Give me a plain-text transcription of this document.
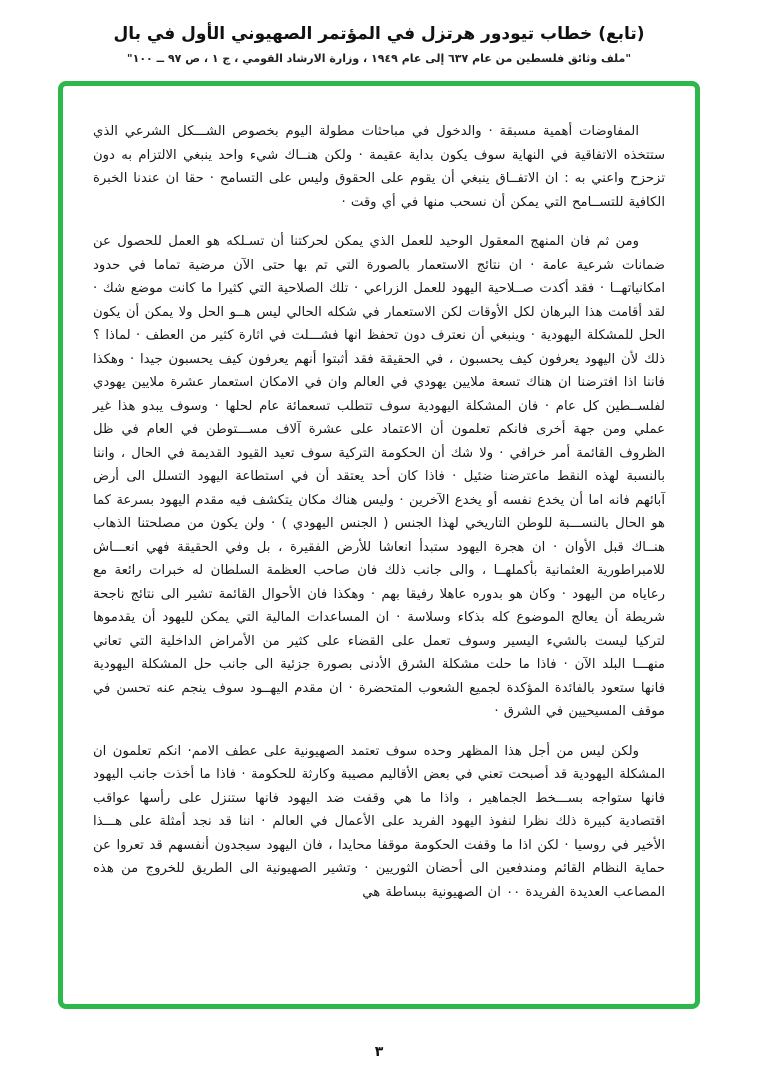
(تابع) خطاب تيودور هرتزل في المؤتمر الصهيوني الأول في بال
"ملف وثائق فلسطين من عام ٦٣٧ إلى عام ١٩٤٩ ، وزارة الارشاد القومي ، ج ١ ، ص ٩٧ ــ ١٠٠"

المفاوضات أهمية مسبقة · والدخول في مباحثات مطولة اليوم بخصوص الشـــكل الشرعي الذي ستتخذه الاتفاقية في النهاية سوف يكون بداية عقيمة · ولكن هنــاك شيء واحد ينبغي الالتزام به دون تزحزح واعني به : ان الاتفــاق ينبغي أن يقوم على الحقوق وليس على التسامح · حقا ان عندنا الخبرة الكافية للتســامح التي يمكن أن نسحب منها في أي وقت ·

ومن ثم فان المنهج المعقول الوحيد للعمل الذي يمكن لحركتنا أن تسـلكه هو العمل للحصول عن ضمانات شرعية عامة · ان نتائج الاستعمار بالصورة التي تم بها حتى الآن مرضية تماما في حدود امكانياتهــا · فقد أكدت صــلاحية اليهود للعمل الزراعي · تلك الصلاحية التي كثيرا ما كانت موضع شك · لقد أقامت هذا البرهان لكل الأوقات لكن الاستعمار في شكله الحالي ليس هــو الحل ولا يمكن أن يكون الحل للمشكلة اليهودية · وينبغي أن نعترف دون تحفظ انها فشـــلت في اثارة كثير من العطف · لماذا ؟ ذلك لأن اليهود يعرفون كيف يحسبون ، في الحقيقة فقد أثبتوا أنهم يعرفون كيف يحسبون جيدا · وهكذا فاننا اذا افترضنا ان هناك تسعة ملايين يهودي في العالم وان في الامكان استعمار عشرة ملايين يهودي لفلســطين كل عام · فان المشكلة اليهودية سوف تتطلب تسعمائة عام لحلها · وسوف يبدو هذا غير عملي ومن جهة أخرى فانكم تعلمون أن الاعتماد على عشرة آلاف مســـتوطن في العام في ظل الظروف القائمة أمر خرافي · ولا شك أن الحكومة التركية سوف تعيد القيود القديمة في الحال ، واننا بالنسبة لهذه النقط ماعترضنا ضئيل · فاذا كان أحد يعتقد أن في استطاعة اليهود التسلل الى أرض آبائهم فانه اما أن يخدع نفسه أو يخدع الآخرين · وليس هناك مكان يتكشف فيه مقدم اليهود بسرعة كما هو الحال بالنســـبة للوطن التاريخي لهذا الجنس ( الجنس اليهودي ) · ولن يكون من مصلحتنا الذهاب هنــاك قبل الأوان · ان هجرة اليهود ستبدأ انعاشا للأرض الفقيرة ، بل وفي الحقيقة فهي انعـــاش للامبراطورية العثمانية بأكملهــا ، والى جانب ذلك فان صاحب العظمة السلطان له خبرات رائعة مع رعاياه من اليهود · وكان هو بدوره عاهلا رفيقا بهم · وهكذا فان الأحوال القائمة تشير الى نتائج ناجحة شريطة أن يعالج الموضوع كله بذكاء وسلاسة · ان المساعدات المالية التي يمكن لليهود أن يقدموها لتركيا ليست بالشيء اليسير وسوف تعمل على القضاء على كثير من الأمراض الداخلية التي تعاني منهـــا البلد الآن · فاذا ما حلت مشكلة الشرق الأدنى بصورة جزئية الى جانب حل المشكلة اليهودية فانها ستعود بالفائدة المؤكدة لجميع الشعوب المتحضرة · ان مقدم اليهــود سوف ينجم عنه تحسن في موقف المسيحيين في الشرق ·

ولكن ليس من أجل هذا المظهر وحده سوف تعتمد الصهيونية على عطف الامم· انكم تعلمون ان المشكلة اليهودية قد أصبحت تعني في بعض الأقاليم مصيبة وكارثة للحكومة · فاذا ما أخذت جانب اليهود فانها ستواجه بســـخط الجماهير ، واذا ما هي وقفت ضد اليهود فانها ستنزل على رأسها عواقب اقتصادية كبيرة ذلك نظرا لنفوذ اليهود الفريد على الأعمال في العالم · اننا قد نجد أمثلة على هـــذا الأخير في روسيا · لكن اذا ما وقفت الحكومة موقفا محايدا ، فان اليهود سيجدون أنفسهم قد تعروا عن حماية النظام القائم ومندفعين الى أحضان الثوريين · وتشير الصهيونية الى الطريق للخروج من هذه المصاعب العديدة الفريدة ٠٠ ان الصهيونية ببساطة هي

٣
